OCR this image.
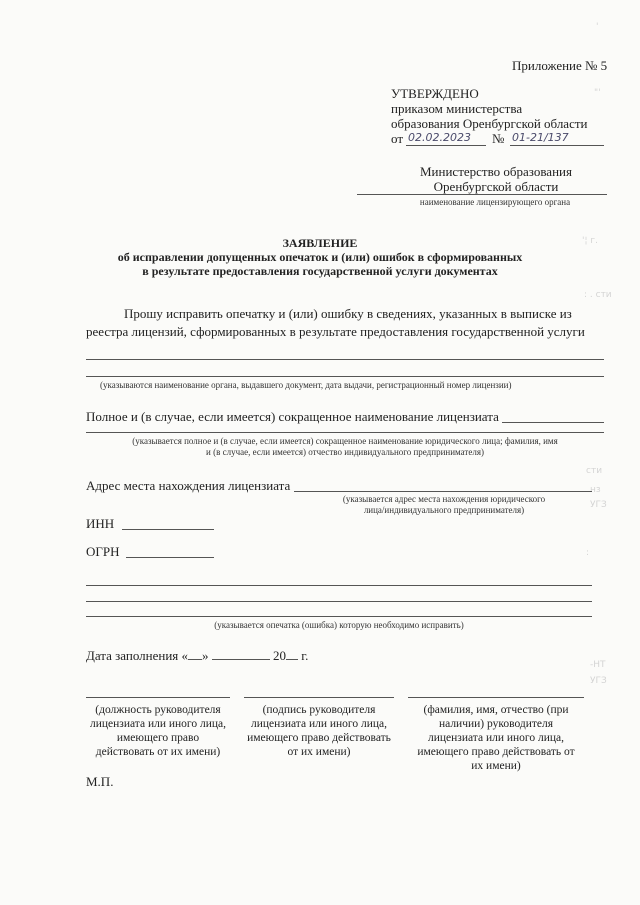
'
"'
'¦ г.
: . сти
сти
нз
УГЗ
:
-НТ
УГЗ
Приложение № 5
УТВЕРЖДЕНО
приказом министерства
образования Оренбургской области
от 02.02.2023 № 01-21/137
Министерство образования
Оренбургской области
наименование лицензирующего органа
ЗАЯВЛЕНИЕ
об исправлении допущенных опечаток и (или) ошибок в сформированных
в результате предоставления государственной услуги документах
Прошу исправить опечатку и (или) ошибку в сведениях, указанных в выписке из
реестра лицензий, сформированных в результате предоставления государственной услуги
(указываются наименование органа, выдавшего документ, дата выдачи, регистрационный номер лицензии)
Полное и (в случае, если имеется) сокращенное наименование лицензиата
(указывается полное и (в случае, если имеется) сокращенное наименование юридического лица; фамилия, имя
и (в случае, если имеется) отчество индивидуального предпринимателя)
Адрес места нахождения лицензиата
(указывается адрес места нахождения юридического
лица/индивидуального предпринимателя)
ИНН
ОГРН
(указывается опечатка (ошибка) которую необходимо исправить)
Дата заполнения « »	20 г.
(должность руководителя
лицензиата или иного лица,
имеющего право
действовать от их имени)
(подпись руководителя
лицензиата или иного лица,
имеющего право действовать
от их имени)
(фамилия, имя, отчество (при
наличии) руководителя
лицензиата или иного лица,
имеющего право действовать от
их имени)
М.П.
